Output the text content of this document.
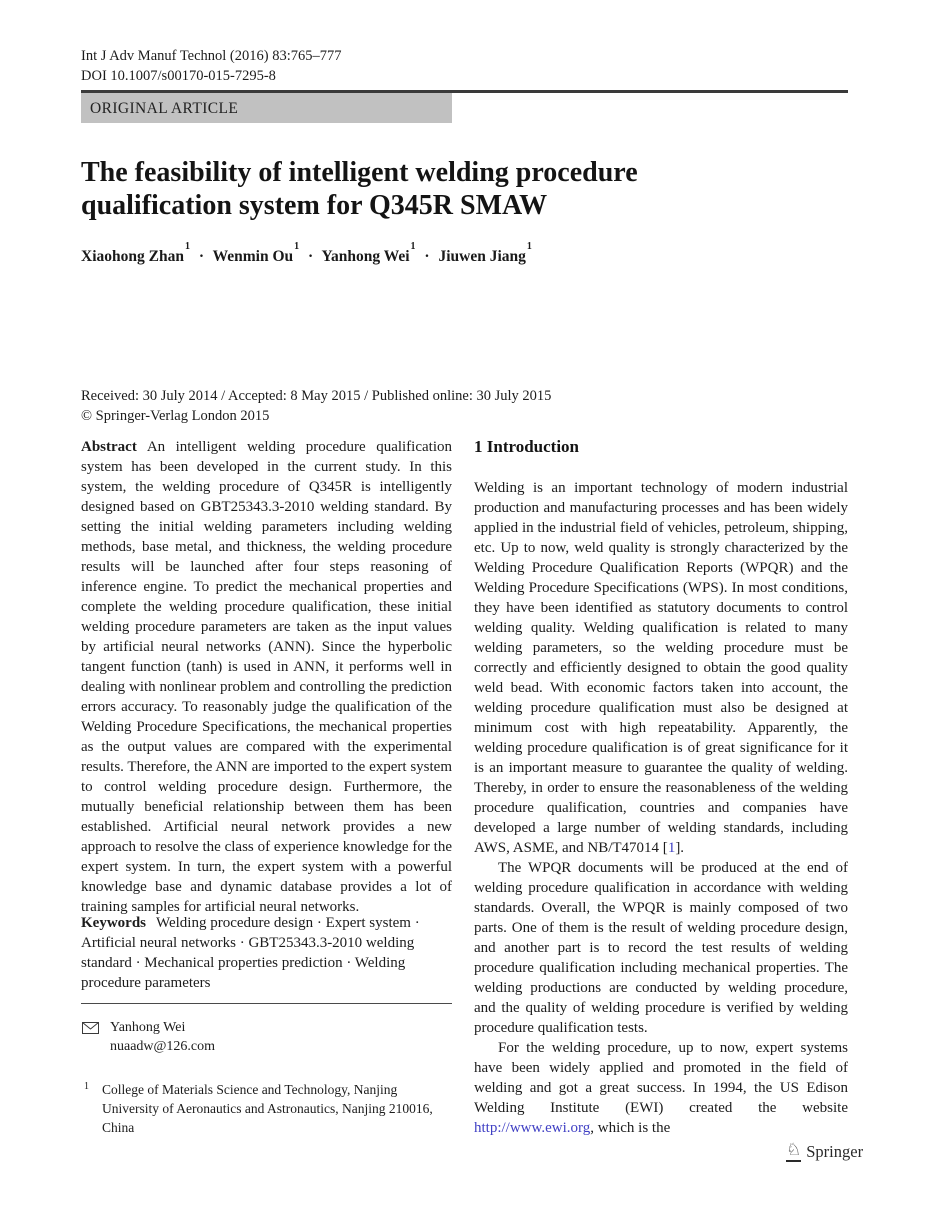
Int J Adv Manuf Technol (2016) 83:765–777
DOI 10.1007/s00170-015-7295-8
ORIGINAL ARTICLE
The feasibility of intelligent welding procedure qualification system for Q345R SMAW
Xiaohong Zhan$^1$ · Wenmin $Ou^1$ · Yanhong Wei$^1$ · Jiuwen Jiang$^1$
Received: 30 July 2014 / Accepted: 8 May 2015 / Published online: 30 July 2015
© Springer-Verlag London 2015

Abstract An intelligent welding procedure qualification system has been developed in the current study. In this system, the welding procedure of Q345R is intelligently designed based on GBT25343.3-2010 welding standard. By setting the initial welding parameters including welding methods, base metal, and thickness, the welding procedure results will be launched after four steps reasoning of inference engine. To predict the mechanical properties and complete the welding procedure qualification, these initial welding procedure parameters are taken as the input values by artificial neural networks (ANN). Since the hyperbolic tangent function (tanh) is used in ANN, it performs well in dealing with nonlinear problem and controlling the prediction errors accuracy. To reasonably judge the qualification of the Welding Procedure Specifications, the mechanical properties as the output values are compared with the experimental results. Therefore, the ANN are imported to the expert system to control welding procedure design. Furthermore, the mutually beneficial relationship between them has been established. Artificial neural network provides a new approach to resolve the class of experience knowledge for the expert system. In turn, the expert system with a powerful knowledge base and dynamic database provides a lot of training samples for artificial neural networks.

Keywords Welding procedure design · Expert system · Artificial neural networks · GBT25343.3-2010 welding standard · Mechanical properties prediction · Welding procedure parameters
Yanhong Wei
nuaadw@126.com
1 College of Materials Science and Technology, Nanjing University of Aeronautics and Astronautics, Nanjing 210016, China
1 Introduction

Welding is an important technology of modern industrial production and manufacturing processes and has been widely applied in the industrial field of vehicles, petroleum, shipping, etc. Up to now, weld quality is strongly characterized by the Welding Procedure Qualification Reports (WPQR) and the Welding Procedure Specifications (WPS). In most conditions, they have been identified as statutory documents to control welding quality. Welding qualification is related to many welding parameters, so the welding procedure must be correctly and efficiently designed to obtain the good quality weld bead. With economic factors taken into account, the welding procedure qualification must also be designed at minimum cost with high repeatability. Apparently, the welding procedure qualification is of great significance for it is an important measure to guarantee the quality of welding. Thereby, in order to ensure the reasonableness of the welding procedure qualification, countries and companies have developed a large number of welding standards, including AWS, ASME, and NB/T47014 [1].

The WPQR documents will be produced at the end of welding procedure qualification in accordance with welding standards. Overall, the WPQR is mainly composed of two parts. One of them is the result of welding procedure design, and another part is to record the test results of welding procedure qualification including mechanical properties. The welding productions are conducted by welding procedure, and the quality of welding procedure is verified by welding procedure qualification tests.

For the welding procedure, up to now, expert systems have been widely applied and promoted in the field of welding and got a great success. In 1994, the US Edison Welding Institute (EWI) created the website http://www.ewi.org, which is the

♘ Springer
